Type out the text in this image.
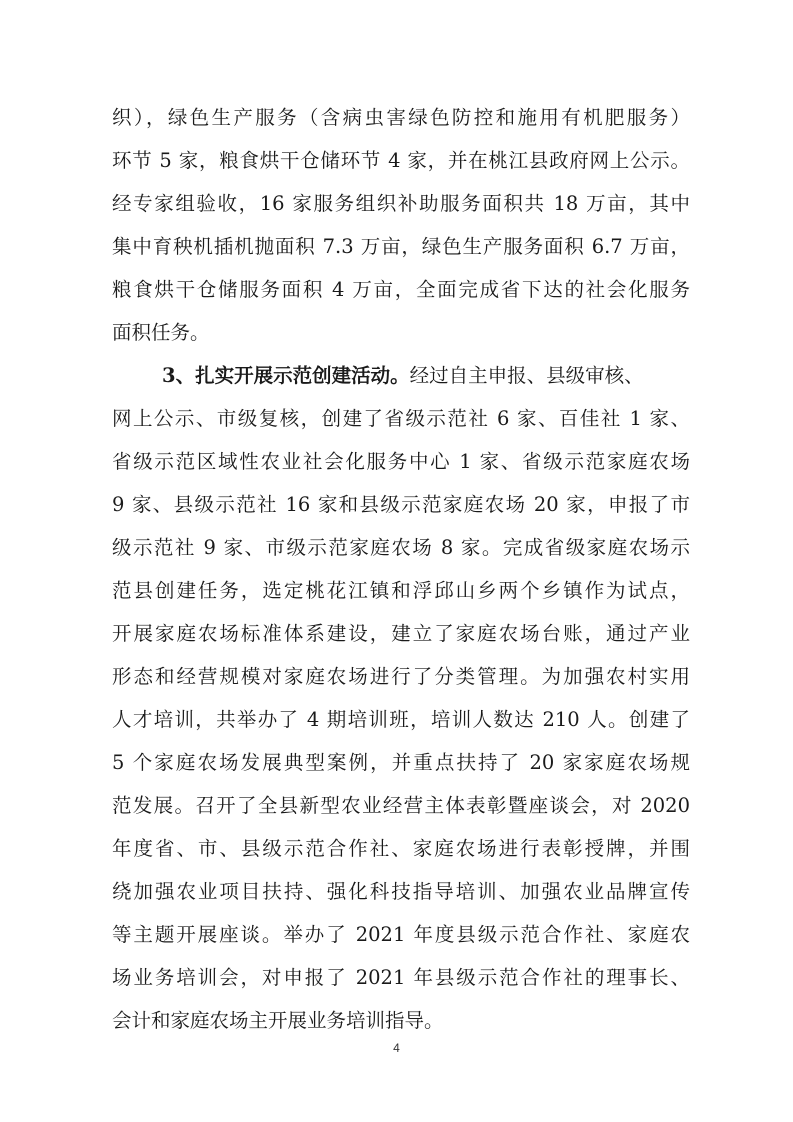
织），绿色生产服务（含病虫害绿色防控和施用有机肥服务）
环节 5 家，粮食烘干仓储环节 4 家，并在桃江县政府网上公示。
经专家组验收，16 家服务组织补助服务面积共 18 万亩，其中
集中育秧机插机抛面积 7.3 万亩，绿色生产服务面积 6.7 万亩，
粮食烘干仓储服务面积 4 万亩，全面完成省下达的社会化服务
面积任务。
3、扎实开展示范创建活动。经过自主申报、县级审核、
网上公示、市级复核，创建了省级示范社 6 家、百佳社 1 家、
省级示范区域性农业社会化服务中心 1 家、省级示范家庭农场
9 家、县级示范社 16 家和县级示范家庭农场 20 家，申报了市
级示范社 9 家、市级示范家庭农场 8 家。完成省级家庭农场示
范县创建任务，选定桃花江镇和浮邱山乡两个乡镇作为试点，
开展家庭农场标准体系建设，建立了家庭农场台账，通过产业
形态和经营规模对家庭农场进行了分类管理。为加强农村实用
人才培训，共举办了 4 期培训班，培训人数达 210 人。创建了
5 个家庭农场发展典型案例，并重点扶持了 20 家家庭农场规
范发展。召开了全县新型农业经营主体表彰暨座谈会，对 2020
年度省、市、县级示范合作社、家庭农场进行表彰授牌，并围
绕加强农业项目扶持、强化科技指导培训、加强农业品牌宣传
等主题开展座谈。举办了 2021 年度县级示范合作社、家庭农
场业务培训会，对申报了 2021 年县级示范合作社的理事长、
会计和家庭农场主开展业务培训指导。
4
